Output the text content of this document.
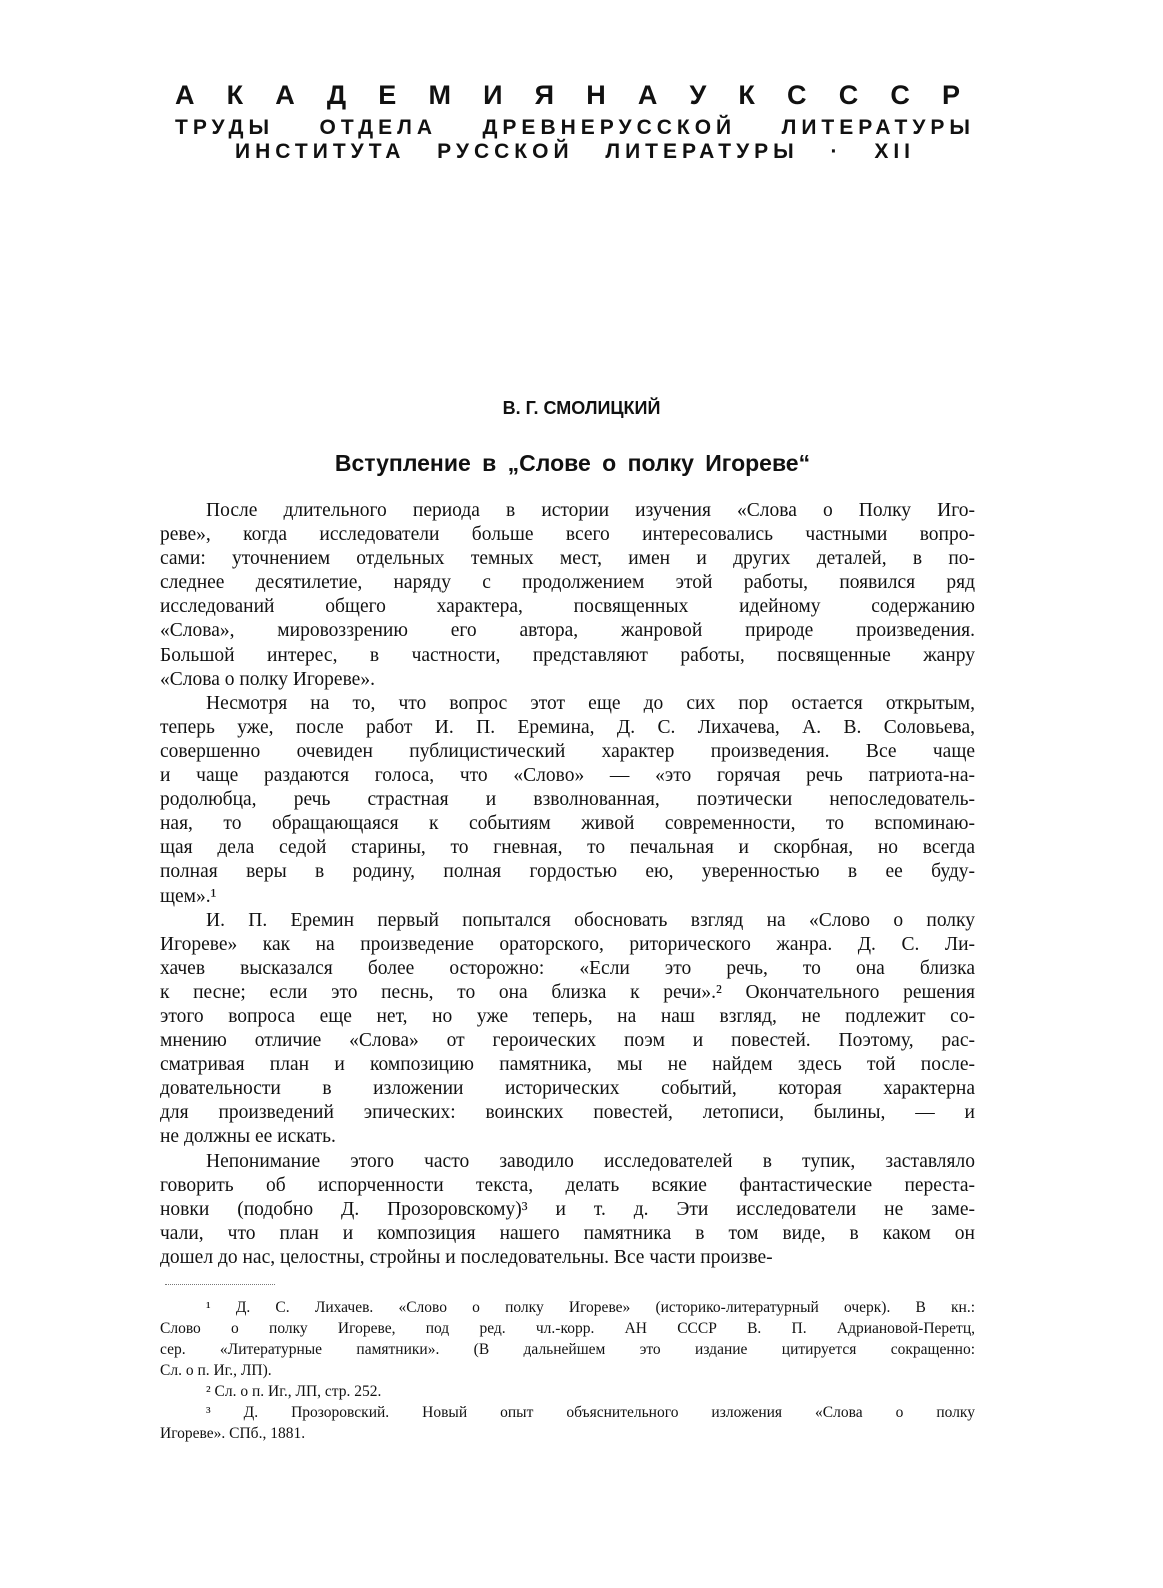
А К А Д Е М И Я Н А У К С С С Р
ТРУДЫ ОТДЕЛА ДРЕВНЕРУССКОЙ ЛИТЕРАТУРЫ
ИНСТИТУТА РУССКОЙ ЛИТЕРАТУРЫ · XII
В. Г. СМОЛИЦКИЙ
Вступление в „Слове о полку Игореве“
После длительного периода в истории изучения «Слова о Полку Иго-
реве», когда исследователи больше всего интересовались частными вопро-
сами: уточнением отдельных темных мест, имен и других деталей, в по-
следнее десятилетие, наряду с продолжением этой работы, появился ряд
исследований общего характера, посвященных идейному содержанию
«Слова», мировоззрению его автора, жанровой природе произведения.
Большой интерес, в частности, представляют работы, посвященные жанру
«Слова о полку Игореве».
Несмотря на то, что вопрос этот еще до сих пор остается открытым,
теперь уже, после работ И. П. Еремина, Д. С. Лихачева, А. В. Соловьева,
совершенно очевиден публицистический характер произведения. Все чаще
и чаще раздаются голоса, что «Слово» — «это горячая речь патриота-на-
родолюбца, речь страстная и взволнованная, поэтически непоследователь-
ная, то обращающаяся к событиям живой современности, то вспоминаю-
щая дела седой старины, то гневная, то печальная и скорбная, но всегда
полная веры в родину, полная гордостью ею, уверенностью в ее буду-
щем».¹
И. П. Еремин первый попытался обосновать взгляд на «Слово о полку
Игореве» как на произведение ораторского, риторического жанра. Д. С. Ли-
хачев высказался более осторожно: «Если это речь, то она близка
к песне; если это песнь, то она близка к речи».² Окончательного решения
этого вопроса еще нет, но уже теперь, на наш взгляд, не подлежит со-
мнению отличие «Слова» от героических поэм и повестей. Поэтому, рас-
сматривая план и композицию памятника, мы не найдем здесь той после-
довательности в изложении исторических событий, которая характерна
для произведений эпических: воинских повестей, летописи, былины, — и
не должны ее искать.
Непонимание этого часто заводило исследователей в тупик, заставляло
говорить об испорченности текста, делать всякие фантастические переста-
новки (подобно Д. Прозоровскому)³ и т. д. Эти исследователи не заме-
чали, что план и композиция нашего памятника в том виде, в каком он
дошел до нас, целостны, стройны и последовательны. Все части произве-
¹ Д. С. Лихачев. «Слово о полку Игореве» (историко-литературный очерк). В кн.:
Слово о полку Игореве, под ред. чл.-корр. АН СССР В. П. Адриановой-Перетц,
сер. «Литературные памятники». (В дальнейшем это издание цитируется сокращенно:
Сл. о п. Иг., ЛП).
² Сл. о п. Иг., ЛП, стр. 252.
³ Д. Прозоровский. Новый опыт объяснительного изложения «Слова о полку
Игореве». СПб., 1881.
